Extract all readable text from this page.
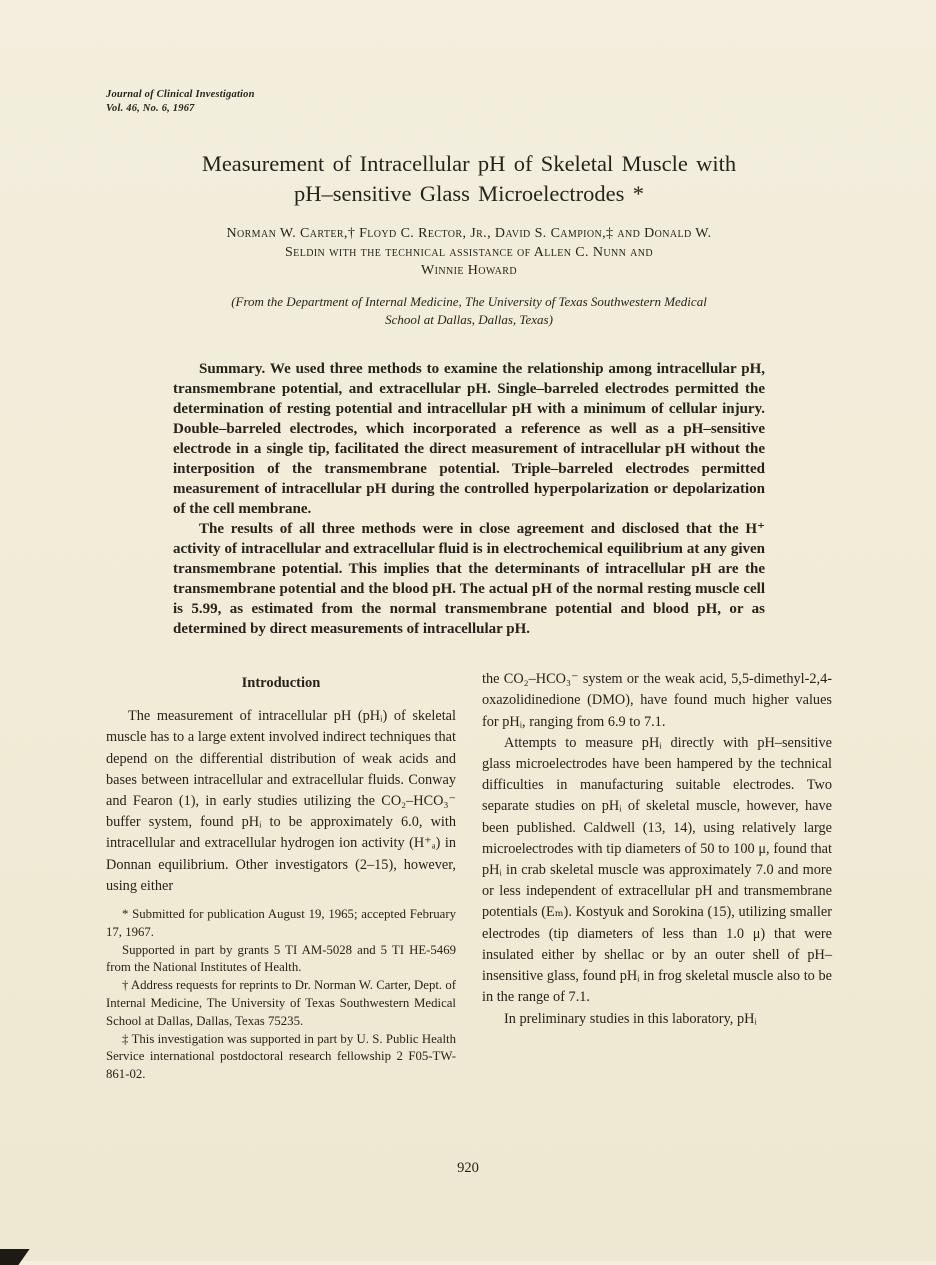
Journal of Clinical Investigation
Vol. 46, No. 6, 1967
Measurement of Intracellular pH of Skeletal Muscle with
pH–sensitive Glass Microelectrodes *
Norman W. Carter,† Floyd C. Rector, Jr., David S. Campion,‡ and Donald W.
Seldin with the technical assistance of Allen C. Nunn and
Winnie Howard
(From the Department of Internal Medicine, The University of Texas Southwestern Medical
School at Dallas, Dallas, Texas)

Summary. We used three methods to examine the relationship among intracellular pH, transmembrane potential, and extracellular pH. Single–barreled electrodes permitted the determination of resting potential and intracellular pH with a minimum of cellular injury. Double–barreled electrodes, which incorporated a reference as well as a pH–sensitive electrode in a single tip, facilitated the direct measurement of intracellular pH without the interposition of the transmembrane potential. Triple–barreled electrodes permitted measurement of intracellular pH during the controlled hyperpolarization or depolarization of the cell membrane.

The results of all three methods were in close agreement and disclosed that the H⁺ activity of intracellular and extracellular fluid is in electrochemical equilibrium at any given transmembrane potential. This implies that the determinants of intracellular pH are the transmembrane potential and the blood pH. The actual pH of the normal resting muscle cell is 5.99, as estimated from the normal transmembrane potential and blood pH, or as determined by direct measurements of intracellular pH.

Introduction

The measurement of intracellular pH (pHᵢ) of skeletal muscle has to a large extent involved indirect techniques that depend on the differential distribution of weak acids and bases between intracellular and extracellular fluids. Conway and Fearon (1), in early studies utilizing the CO₂–HCO₃⁻ buffer system, found pHᵢ to be approximately 6.0, with intracellular and extracellular hydrogen ion activity (H⁺ₐ) in Donnan equilibrium. Other investigators (2–15), however, using either

* Submitted for publication August 19, 1965; accepted February 17, 1967.

Supported in part by grants 5 TI AM-5028 and 5 TI HE-5469 from the National Institutes of Health.

† Address requests for reprints to Dr. Norman W. Carter, Dept. of Internal Medicine, The University of Texas Southwestern Medical School at Dallas, Dallas, Texas 75235.

‡ This investigation was supported in part by U. S. Public Health Service international postdoctoral research fellowship 2 F05-TW-861-02.

the CO₂–HCO₃⁻ system or the weak acid, 5,5-dimethyl-2,4-oxazolidinedione (DMO), have found much higher values for pHᵢ, ranging from 6.9 to 7.1.

Attempts to measure pHᵢ directly with pH–sensitive glass microelectrodes have been hampered by the technical difficulties in manufacturing suitable electrodes. Two separate studies on pHᵢ of skeletal muscle, however, have been published. Caldwell (13, 14), using relatively large microelectrodes with tip diameters of 50 to 100 μ, found that pHᵢ in crab skeletal muscle was approximately 7.0 and more or less independent of extracellular pH and transmembrane potentials (Eₘ). Kostyuk and Sorokina (15), utilizing smaller electrodes (tip diameters of less than 1.0 μ) that were insulated either by shellac or by an outer shell of pH–insensitive glass, found pHᵢ in frog skeletal muscle also to be in the range of 7.1.

In preliminary studies in this laboratory, pHᵢ

920
